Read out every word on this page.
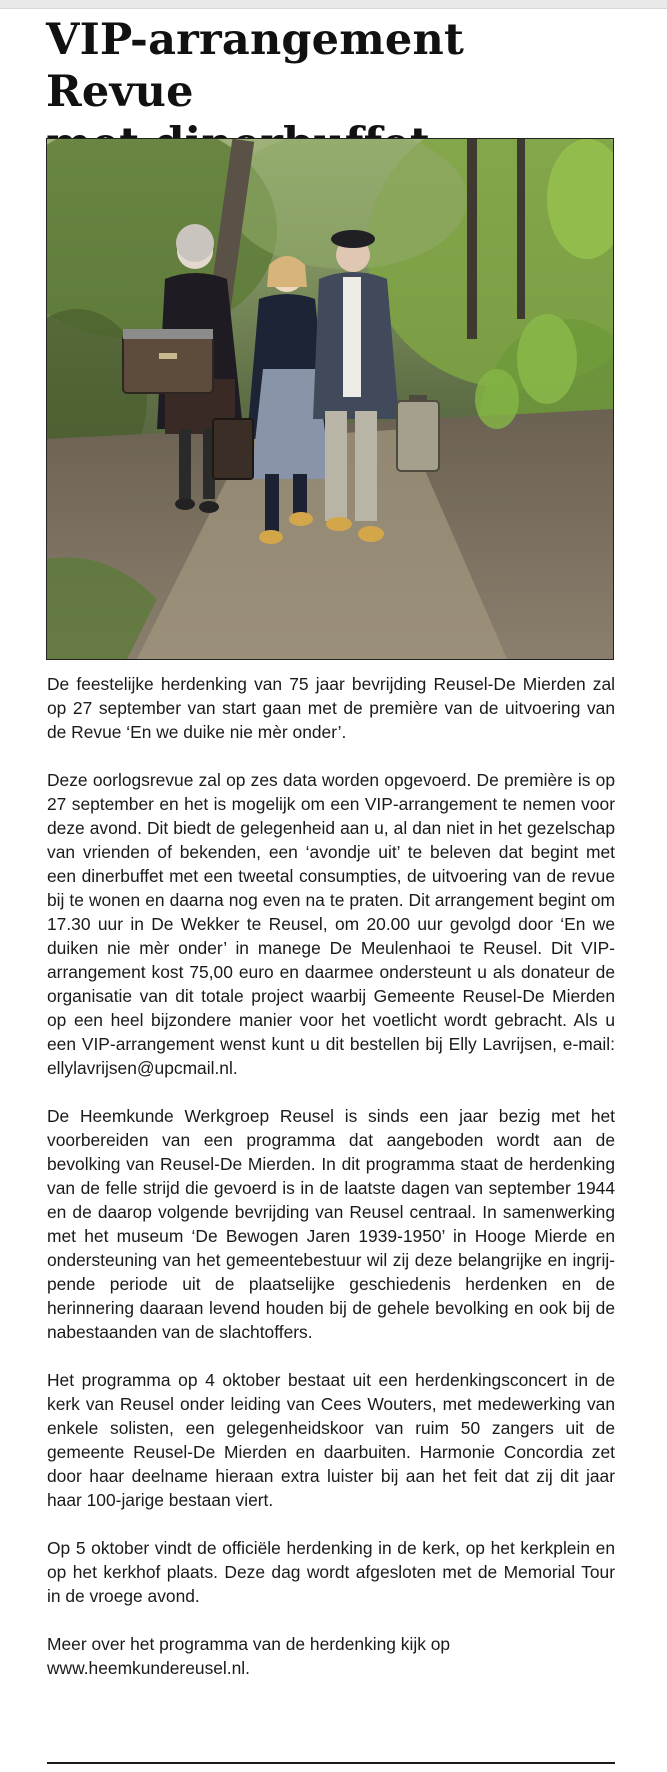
VIP-arrangement Revue

De feestelijke herdenking van 75 jaar bevrijding Reusel-De Mierden zal op 27 september van start gaan met de première van de uitvoering van de Revue ‘En we duike nie mèr onder’.

Deze oorlogsrevue zal op zes data worden opgevoerd. De première is op 27 september en het is mogelijk om een VIP-arrangement te nemen voor deze avond. Dit biedt de gelegenheid aan u, al dan niet in het gezelschap van vrienden of bekenden, een ‘avondje uit’ te beleven dat begint met een dinerbuffet met een tweetal consumpties, de uitvoering van de revue bij te wonen en daarna nog even na te praten. Dit arrangement begint om 17.30 uur in De Wekker te Reusel, om 20.00 uur gevolgd door ‘En we duiken nie mèr onder’ in manege De Meulenhaoi te Reusel. Dit VIP-arrangement kost 75,00 euro en daarmee ondersteunt u als donateur de organisatie van dit totale project waarbij Gemeente Reusel-De Mierden op een heel bijzondere manier voor het voetlicht wordt gebracht. Als u een VIP-arrangement wenst kunt u dit bestellen bij Elly Lavrijsen, e-mail: ellylavrijsen@upcmail.nl.

De Heemkunde Werkgroep Reusel is sinds een jaar bezig met het voorbereiden van een programma dat aangeboden wordt aan de bevolking van Reusel-De Mierden. In dit programma staat de herdenking van de felle strijd die gevoerd is in de laatste dagen van september 1944 en de daarop volgende bevrijding van Reusel centraal. In samenwerking met het museum ‘De Bewogen Jaren 1939-1950’ in Hooge Mierde en ondersteuning van het gemeentebestuur wil zij deze belangrijke en ingrijpende periode uit de plaatselijke geschiedenis herdenken en de herinnering daaraan levend houden bij de gehele bevolking en ook bij de nabestaanden van de slachtoffers.

Het programma op 4 oktober bestaat uit een herdenkingsconcert in de kerk van Reusel onder leiding van Cees Wouters, met medewerking van enkele solisten, een gelegenheidskoor van ruim 50 zangers uit de gemeente Reusel-De Mierden en daarbuiten. Harmonie Concordia zet door haar deelname hieraan extra luister bij aan het feit dat zij dit jaar haar 100-jarige bestaan viert.

Op 5 oktober vindt de officiële herdenking in de kerk, op het kerkplein en op het kerkhof plaats. Deze dag wordt afgesloten met de Memorial Tour in de vroege avond.

Meer over het programma van de herdenking kijk op www.heemkundereusel.nl.
